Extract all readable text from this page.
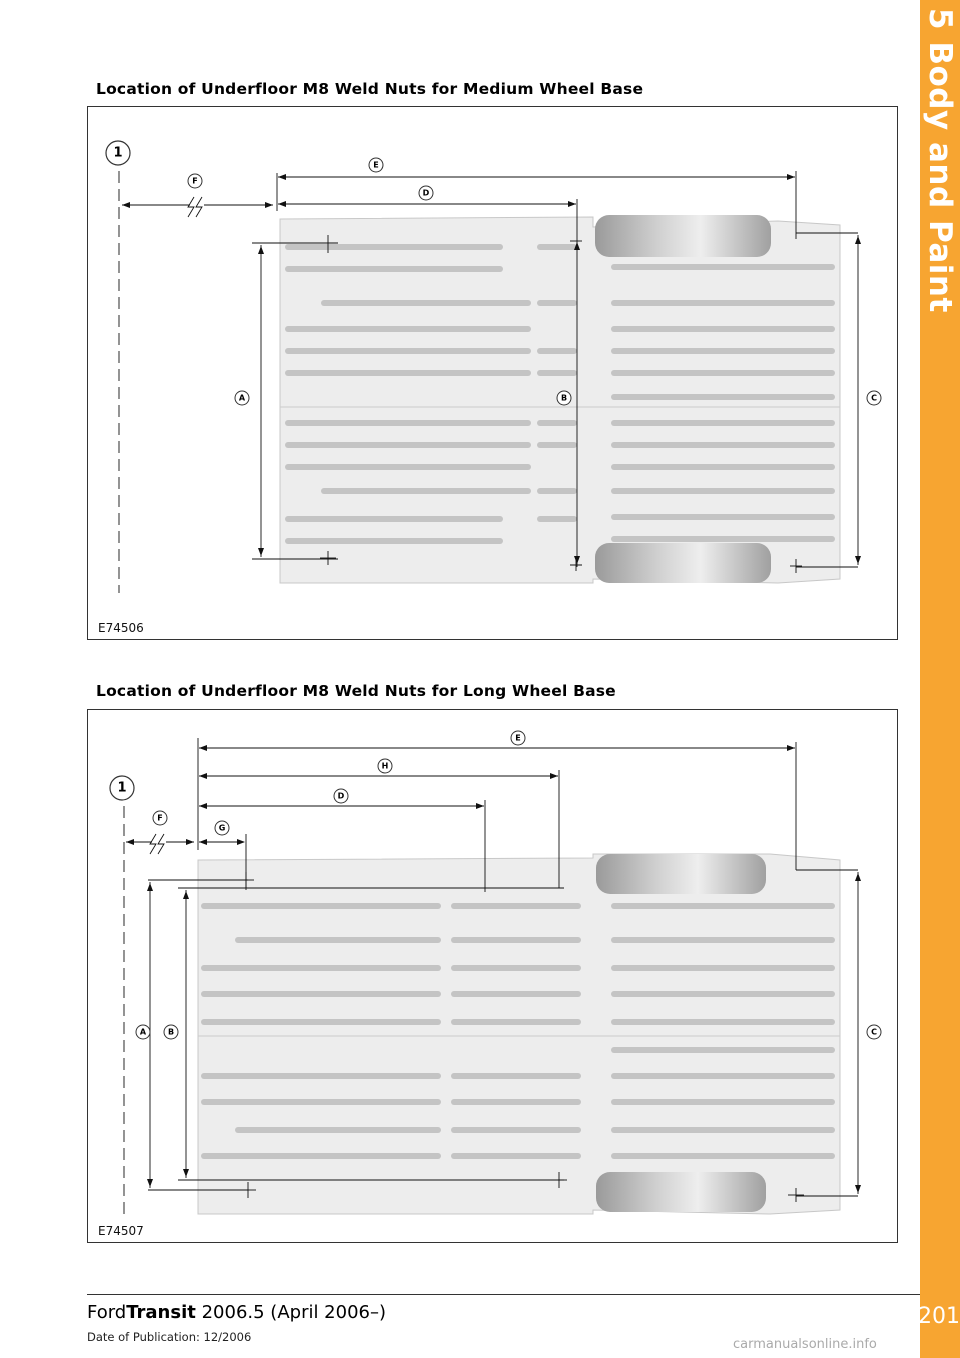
5 Body and Paint
201
Location of Underfloor M8 Weld Nuts for Medium Wheel Base
1
E
F
D
A	B	C
E74506
Location of Underfloor M8 Weld Nuts for Long Wheel Base
1
E
H
D
F
G
A	B	C
E74507
FordTransit 2006.5 (April 2006–)
Date of Publication: 12/2006	carmanualsonline.info
